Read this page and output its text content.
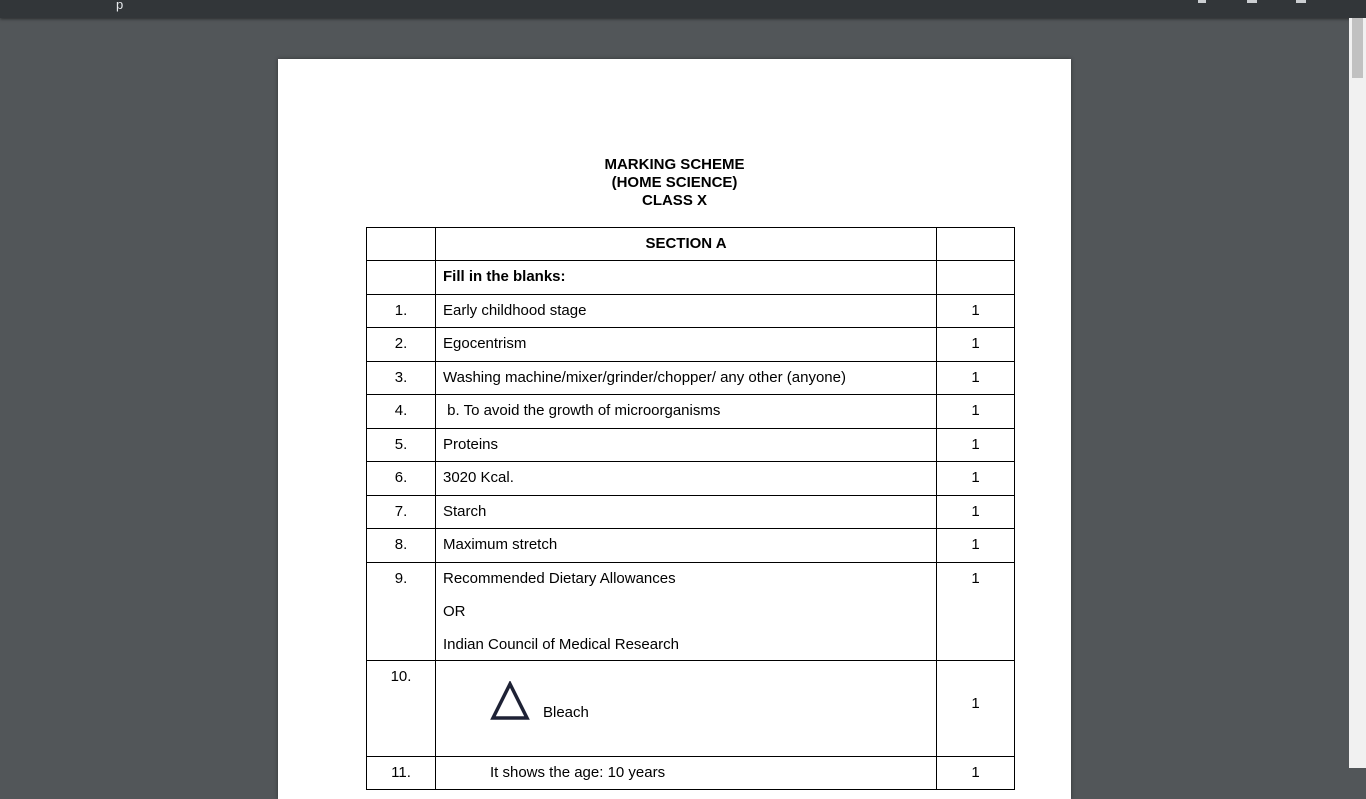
p
MARKING SCHEME
(HOME SCIENCE)
CLASS X
	SECTION A	
	Fill in the blanks:	
1.	Early childhood stage	1
2.	Egocentrism	1
3.	Washing machine/mixer/grinder/chopper/ any other (anyone)	1
4.	b. To avoid the growth of microorganisms	1
5.	Proteins	1
6.	3020 Kcal.	1
7.	Starch	1
8.	Maximum stretch	1
9.	Recommended Dietary Allowances

OR

Indian Council of Medical Research	1
10.	Bleach	1
11.	It shows the age: 10 years	1
